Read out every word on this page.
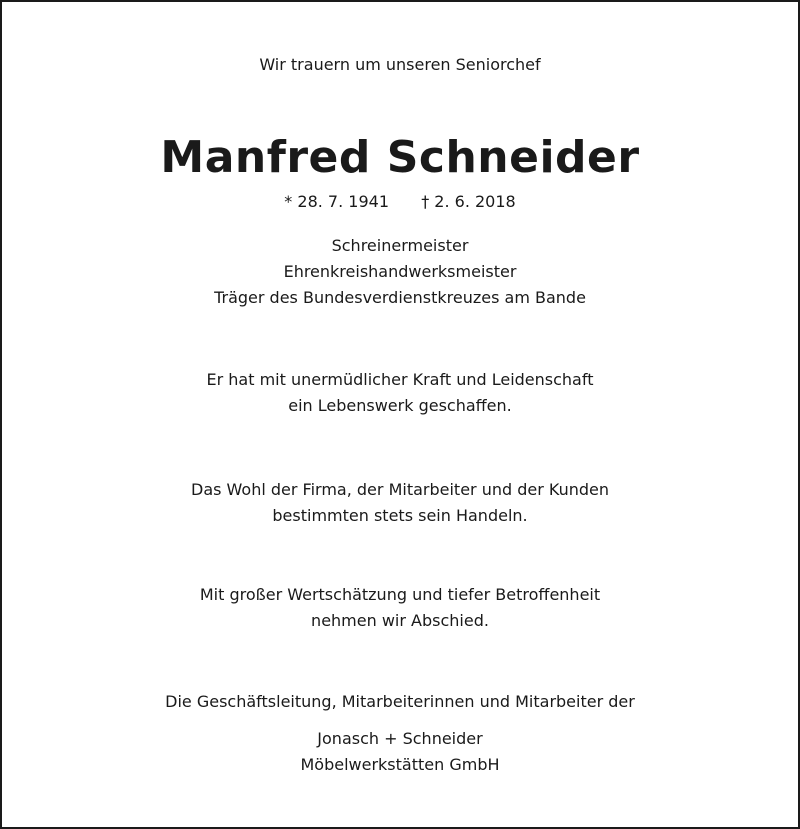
Wir trauern um unseren Seniorchef

Manfred Schneider

* 28. 7. 1941 † 2. 6. 2018

Schreinermeister
Ehrenkreishandwerksmeister
Träger des Bundesverdienstkreuzes am Bande
Er hat mit unermüdlicher Kraft und Leidenschaft
ein Lebenswerk geschaffen.
Das Wohl der Firma, der Mitarbeiter und der Kunden
bestimmten stets sein Handeln.
Mit großer Wertschätzung und tiefer Betroffenheit
nehmen wir Abschied.

Die Geschäftsleitung, Mitarbeiterinnen und Mitarbeiter der

Jonasch + Schneider
Möbelwerkstätten GmbH
